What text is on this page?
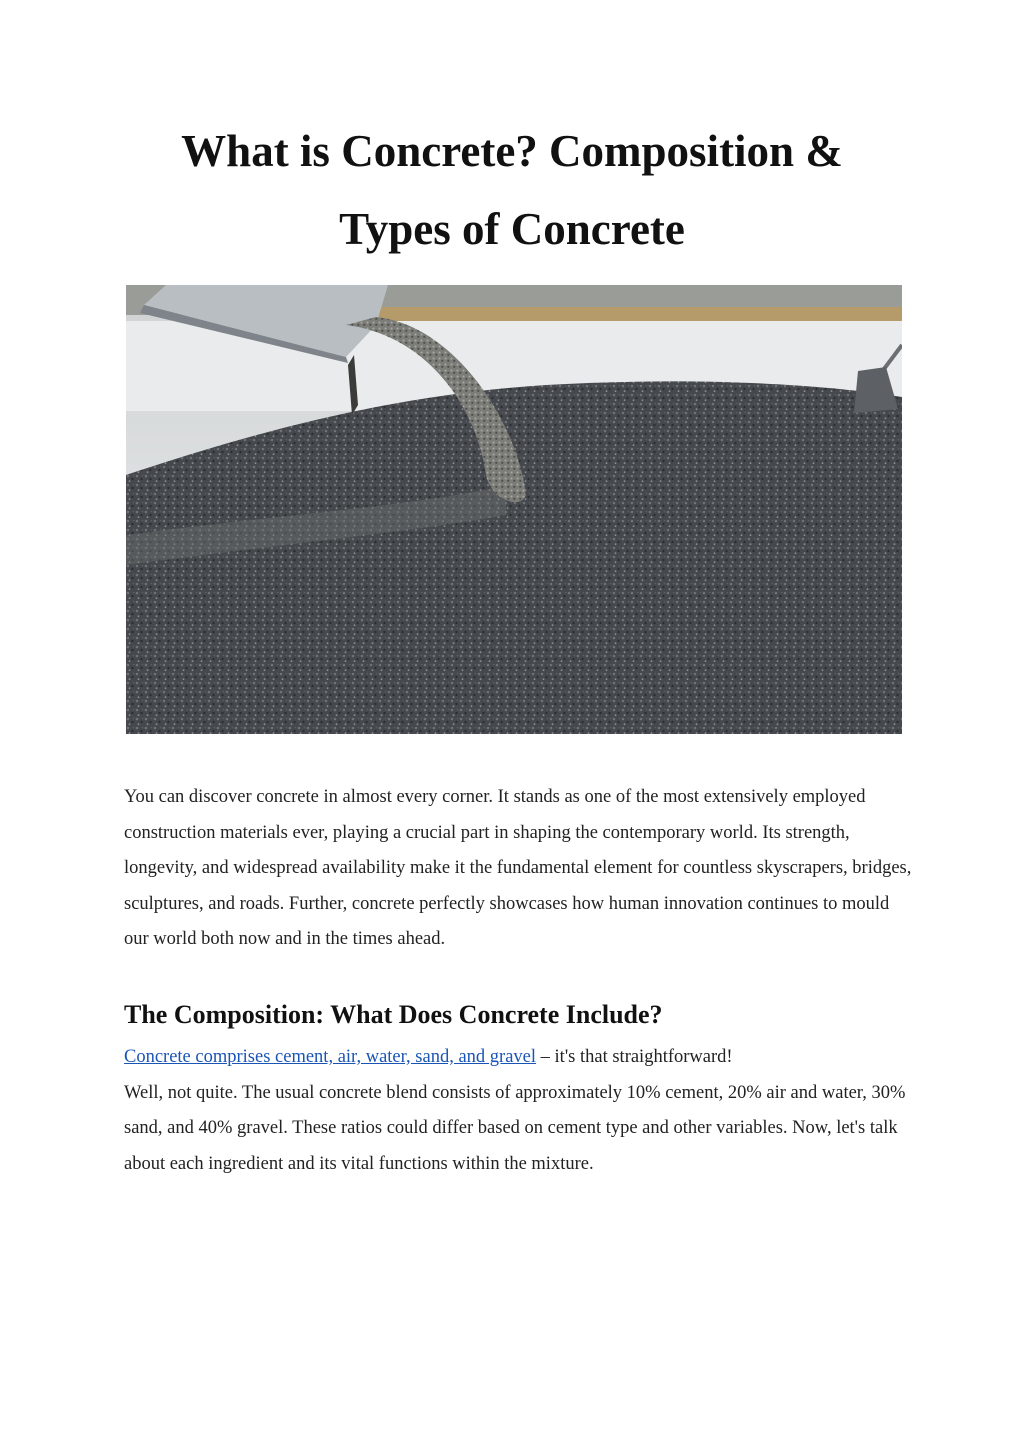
What is Concrete? Composition &
Types of Concrete

You can discover concrete in almost every corner. It stands as one of the most extensively employed construction materials ever, playing a crucial part in shaping the contemporary world. Its strength, longevity, and widespread availability make it the fundamental element for countless skyscrapers, bridges, sculptures, and roads. Further, concrete perfectly showcases how human innovation continues to mould our world both now and in the times ahead.

The Composition: What Does Concrete Include?

Concrete comprises cement, air, water, sand, and gravel – it's that straightforward!
Well, not quite. The usual concrete blend consists of approximately 10% cement, 20% air and water, 30% sand, and 40% gravel. These ratios could differ based on cement type and other variables. Now, let's talk about each ingredient and its vital functions within the mixture.
